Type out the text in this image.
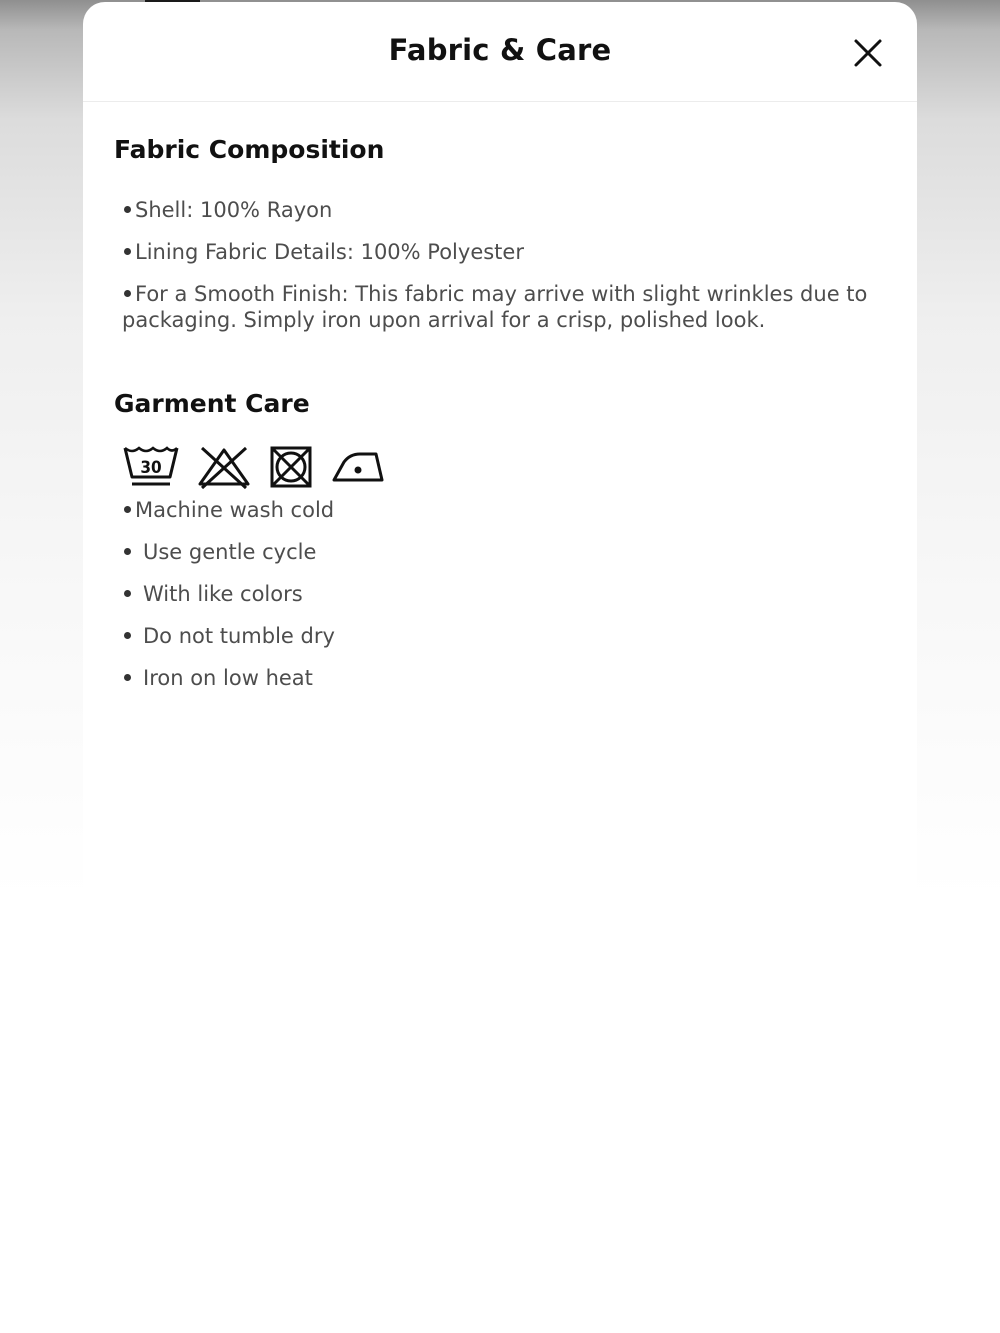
Fabric & Care
Fabric Composition
Shell: 100% Rayon
Lining Fabric Details: 100% Polyester
For a Smooth Finish: This fabric may arrive with slight wrinkles due to packaging. Simply iron upon arrival for a crisp, polished look.
Garment Care
30
Machine wash cold
Use gentle cycle
With like colors
Do not tumble dry
Iron on low heat
